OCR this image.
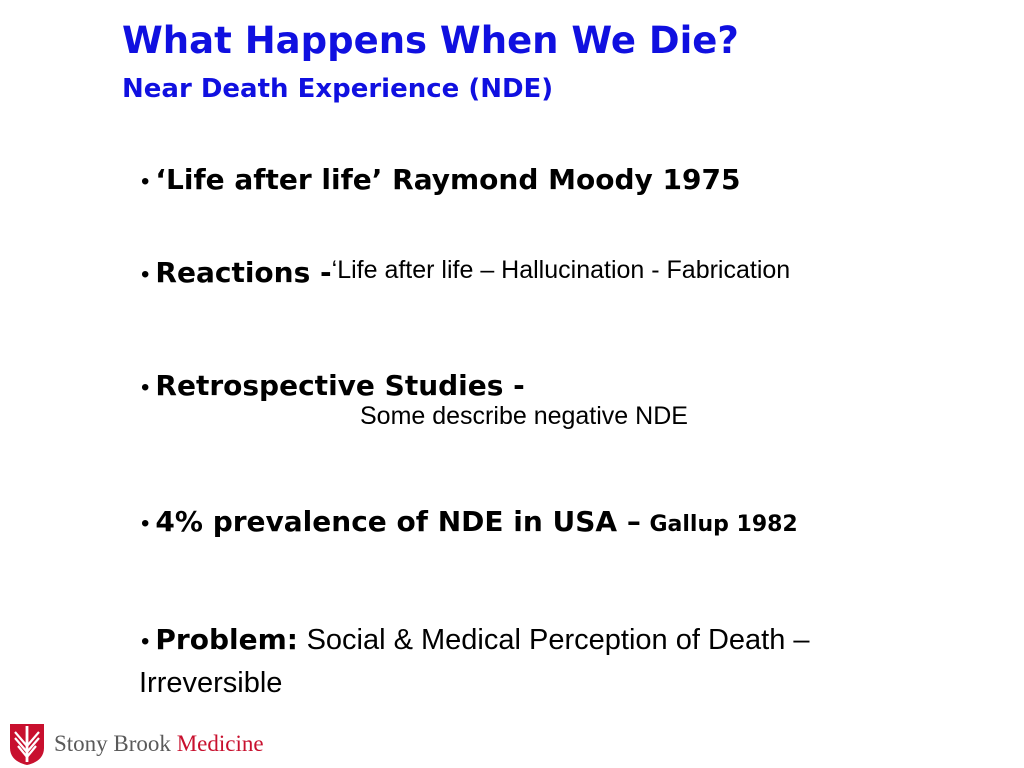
What Happens When We Die?
Near Death Experience (NDE)
• ‘Life after life’ Raymond Moody 1975
• Reactions -‘Life after life – Hallucination - Fabrication
• Retrospective Studies -
Some describe negative NDE
• 4% prevalence of NDE in USA – Gallup 1982
• Problem: Social & Medical Perception of Death –
Irreversible
Stony Brook Medicine
